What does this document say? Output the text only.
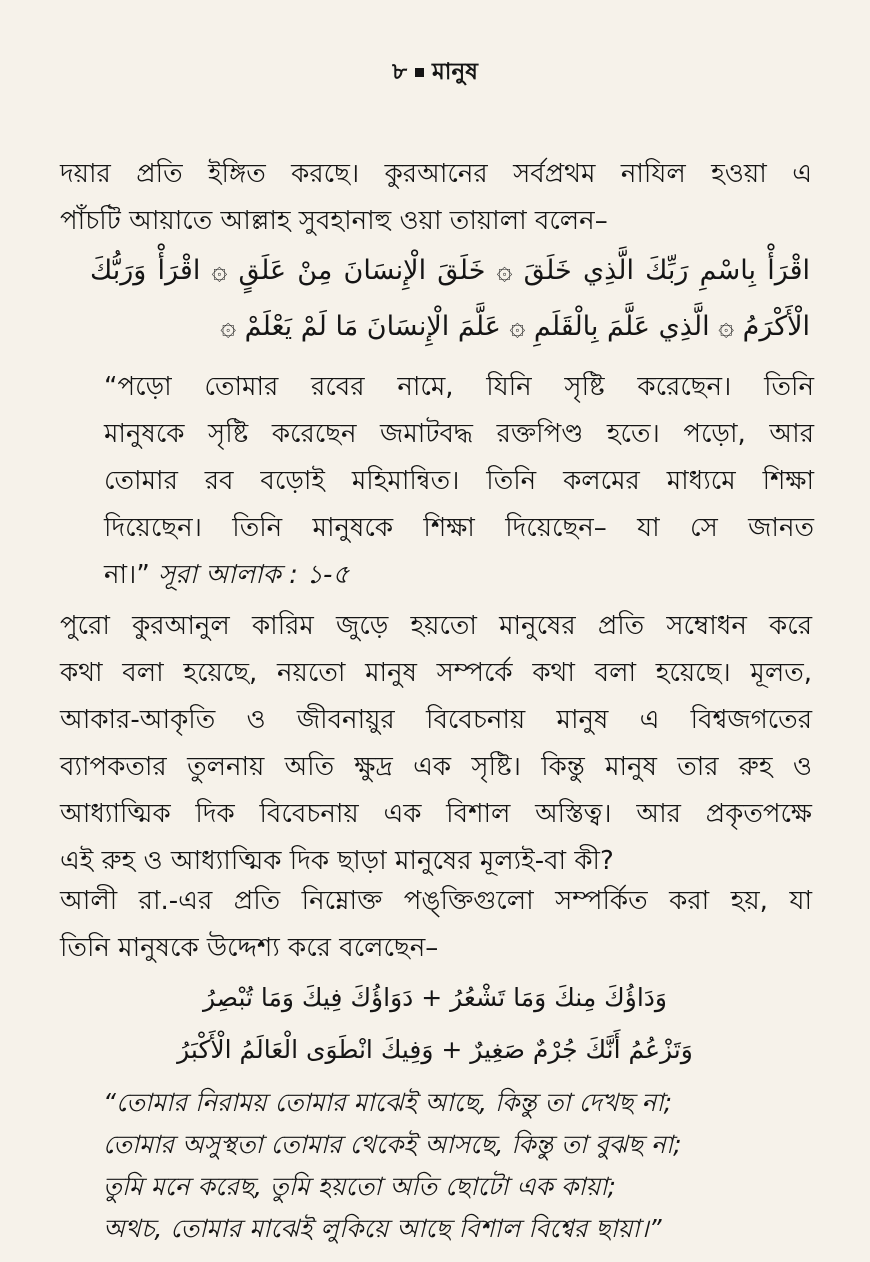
৮ মানুষ

দয়ার প্রতি ইঙ্গিত করছে। কুরআনের সর্বপ্রথম নাযিল হওয়া এ
পাঁচটি আয়াতে আল্লাহ সুবহানাহু ওয়া তায়ালা বলেন–

اقْرَأْ بِاسْمِ رَبِّكَ الَّذِي خَلَقَ ۞ خَلَقَ الْإِنسَانَ مِنْ عَلَقٍ ۞ اقْرَأْ وَرَبُّكَ
الْأَكْرَمُ ۞ الَّذِي عَلَّمَ بِالْقَلَمِ ۞ عَلَّمَ الْإِنسَانَ مَا لَمْ يَعْلَمْ ۞

“পড়ো তোমার রবের নামে, যিনি সৃষ্টি করেছেন। তিনি
মানুষকে সৃষ্টি করেছেন জমাটবদ্ধ রক্তপিণ্ড হতে। পড়ো, আর
তোমার রব বড়োই মহিমান্বিত। তিনি কলমের মাধ্যমে শিক্ষা
দিয়েছেন। তিনি মানুষকে শিক্ষা দিয়েছেন– যা সে জানত
না।” সূরা আলাক : ১-৫

পুরো কুরআনুল কারিম জুড়ে হয়তো মানুষের প্রতি সম্বোধন করে
কথা বলা হয়েছে, নয়তো মানুষ সম্পর্কে কথা বলা হয়েছে। মূলত,
আকার-আকৃতি ও জীবনায়ুর বিবেচনায় মানুষ এ বিশ্বজগতের
ব্যাপকতার তুলনায় অতি ক্ষুদ্র এক সৃষ্টি। কিন্তু মানুষ তার রুহ ও
আধ্যাত্মিক দিক বিবেচনায় এক বিশাল অস্তিত্ব। আর প্রকৃতপক্ষে
এই রুহ ও আধ্যাত্মিক দিক ছাড়া মানুষের মূল্যই-বা কী?

আলী রা.-এর প্রতি নিম্নোক্ত পঙ্‌ক্তিগুলো সম্পর্কিত করা হয়, যা
তিনি মানুষকে উদ্দেশ্য করে বলেছেন–

وَدَاؤُكَ مِنكَ وَمَا تَشْعُرُ + دَوَاؤُكَ فِيكَ وَمَا تُبْصِرُ
وَتَزْعُمُ أَنَّكَ جُرْمٌ صَغِيرٌ + وَفِيكَ انْطَوَى الْعَالَمُ الْأَكْبَرُ

“তোমার নিরাময় তোমার মাঝেই আছে, কিন্তু তা দেখছ না;
তোমার অসুস্থতা তোমার থেকেই আসছে, কিন্তু তা বুঝছ না;
তুমি মনে করেছ, তুমি হয়তো অতি ছোটো এক কায়া;
অথচ, তোমার মাঝেই লুকিয়ে আছে বিশাল বিশ্বের ছায়া।”
